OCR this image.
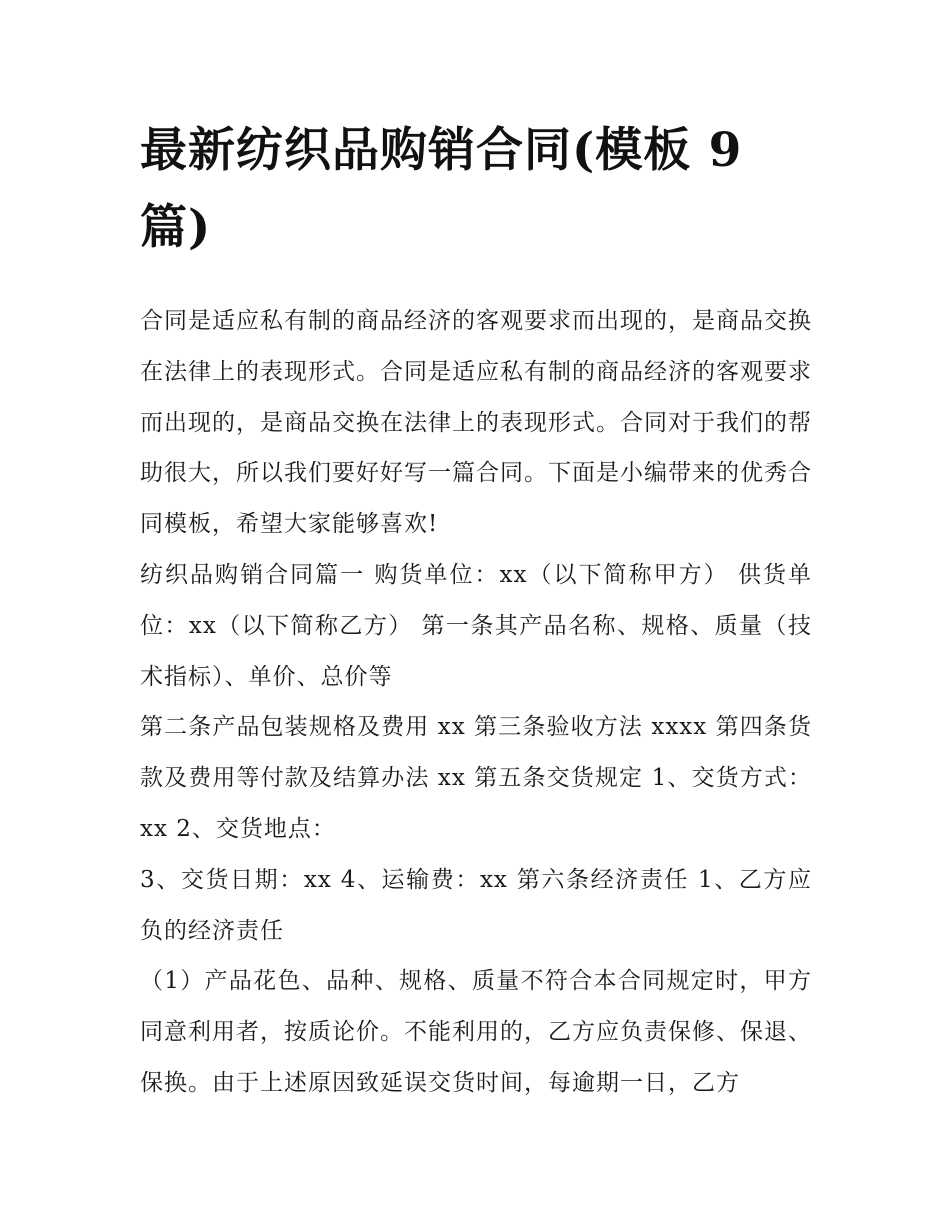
最新纺织品购销合同(模板 9 篇)

合同是适应私有制的商品经济的客观要求而出现的，是商品交换在法律上的表现形式。合同是适应私有制的商品经济的客观要求而出现的，是商品交换在法律上的表现形式。合同对于我们的帮助很大，所以我们要好好写一篇合同。下面是小编带来的优秀合同模板，希望大家能够喜欢!

纺织品购销合同篇一 购货单位：xx（以下简称甲方） 供货单位：xx（以下简称乙方） 第一条其产品名称、规格、质量（技术指标）、单价、总价等

第二条产品包装规格及费用 xx 第三条验收方法 xxxx 第四条货款及费用等付款及结算办法 xx 第五条交货规定 1、交货方式：xx 2、交货地点：

3、交货日期：xx 4、运输费：xx 第六条经济责任 1、乙方应负的经济责任

（1）产品花色、品种、规格、质量不符合本合同规定时，甲方同意利用者，按质论价。不能利用的，乙方应负责保修、保退、保换。由于上述原因致延误交货时间，每逾期一日，乙方
